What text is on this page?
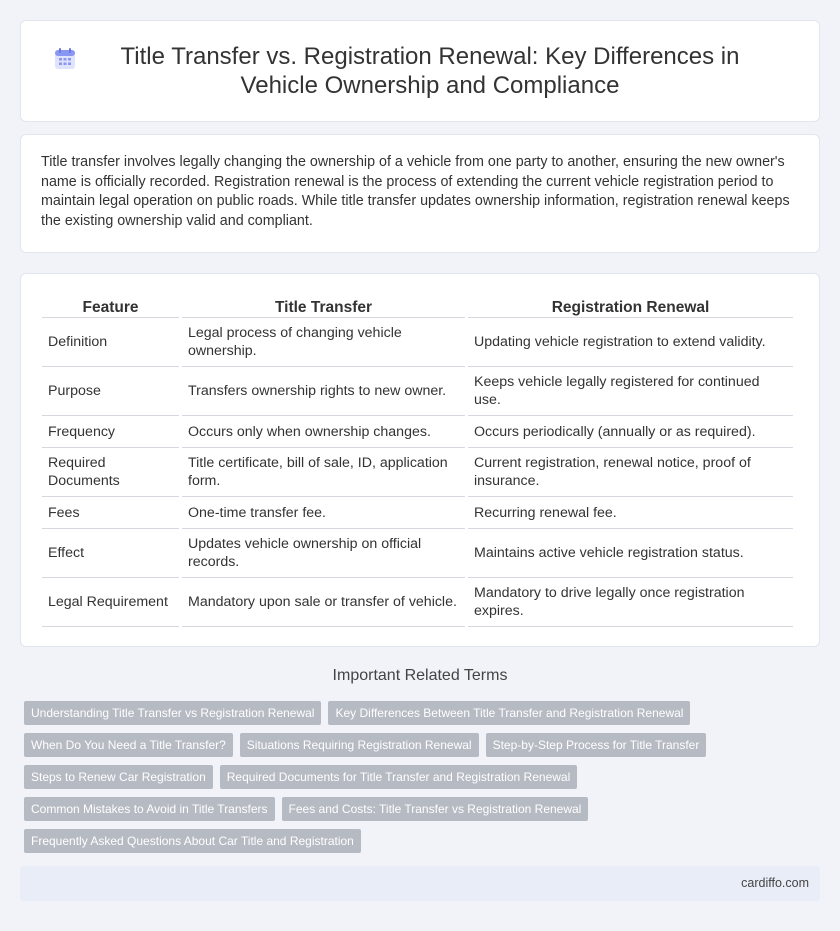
Title Transfer vs. Registration Renewal: Key Differences in Vehicle Ownership and Compliance

Title transfer involves legally changing the ownership of a vehicle from one party to another, ensuring the new owner's name is officially recorded. Registration renewal is the process of extending the current vehicle registration period to maintain legal operation on public roads. While title transfer updates ownership information, registration renewal keeps the existing ownership valid and compliant.

Feature	Title Transfer	Registration Renewal
Definition	Legal process of changing vehicle ownership.	Updating vehicle registration to extend validity.
Purpose	Transfers ownership rights to new owner.	Keeps vehicle legally registered for continued use.
Frequency	Occurs only when ownership changes.	Occurs periodically (annually or as required).
Required Documents	Title certificate, bill of sale, ID, application form.	Current registration, renewal notice, proof of insurance.
Fees	One-time transfer fee.	Recurring renewal fee.
Effect	Updates vehicle ownership on official records.	Maintains active vehicle registration status.
Legal Requirement	Mandatory upon sale or transfer of vehicle.	Mandatory to drive legally once registration expires.
Important Related Terms
Understanding Title Transfer vs Registration Renewal	Key Differences Between Title Transfer and Registration Renewal
When Do You Need a Title Transfer?	Situations Requiring Registration Renewal	Step-by-Step Process for Title Transfer
Steps to Renew Car Registration	Required Documents for Title Transfer and Registration Renewal
Common Mistakes to Avoid in Title Transfers	Fees and Costs: Title Transfer vs Registration Renewal
Frequently Asked Questions About Car Title and Registration
cardiffo.com
